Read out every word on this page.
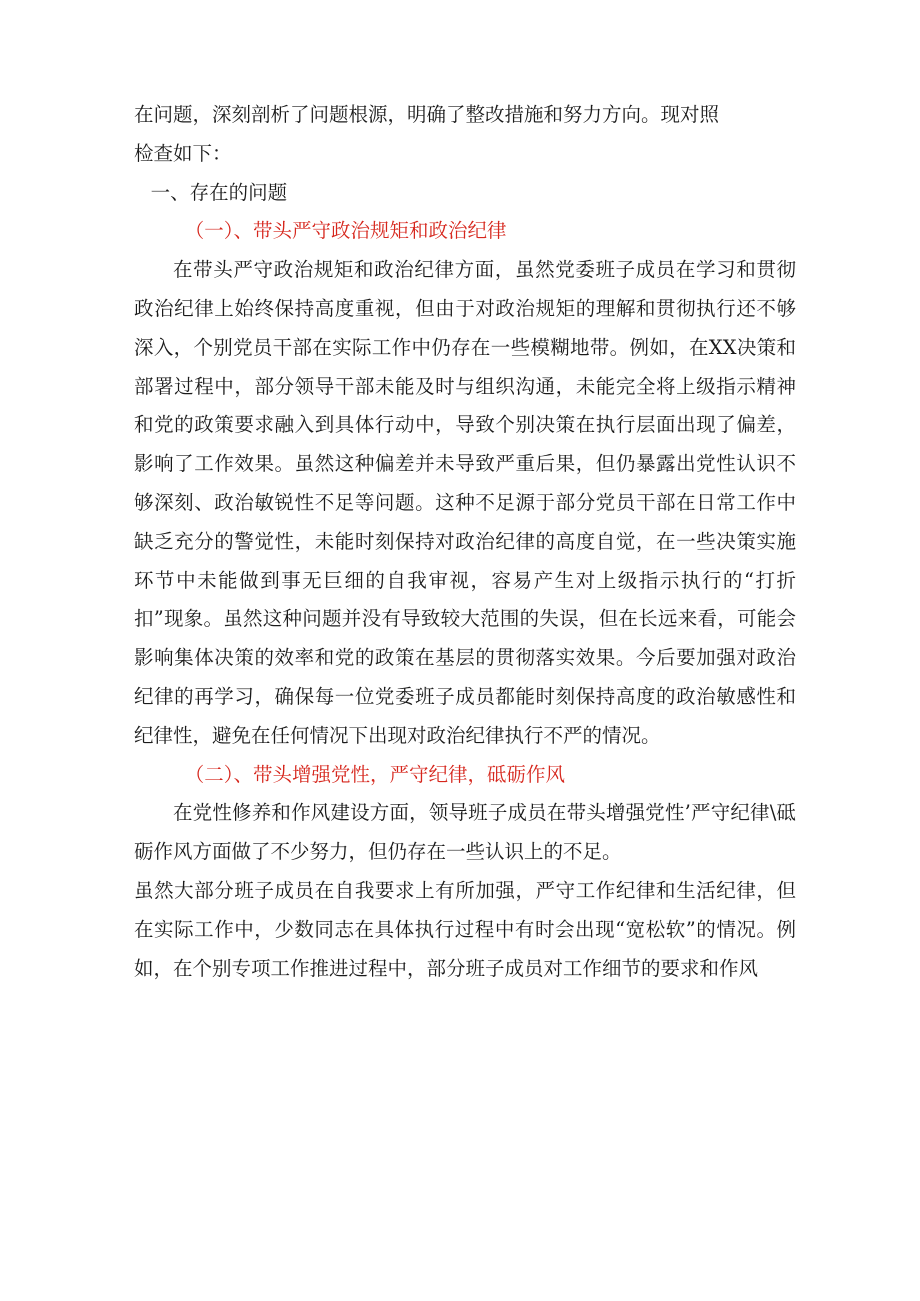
在问题，深刻剖析了问题根源，明确了整改措施和努力方向。现对照

检查如下：

一、存在的问题

（一）、带头严守政治规矩和政治纪律

在带头严守政治规矩和政治纪律方面，虽然党委班子成员在学习和贯彻政治纪律上始终保持高度重视，但由于对政治规矩的理解和贯彻执行还不够深入，个别党员干部在实际工作中仍存在一些模糊地带。例如，在XX决策和部署过程中，部分领导干部未能及时与组织沟通，未能完全将上级指示精神和党的政策要求融入到具体行动中，导致个别决策在执行层面出现了偏差，影响了工作效果。虽然这种偏差并未导致严重后果，但仍暴露出党性认识不够深刻、政治敏锐性不足等问题。这种不足源于部分党员干部在日常工作中缺乏充分的警觉性，未能时刻保持对政治纪律的高度自觉，在一些决策实施环节中未能做到事无巨细的自我审视，容易产生对上级指示执行的“打折扣”现象。虽然这种问题并没有导致较大范围的失误，但在长远来看，可能会影响集体决策的效率和党的政策在基层的贯彻落实效果。今后要加强对政治纪律的再学习，确保每一位党委班子成员都能时刻保持高度的政治敏感性和纪律性，避免在任何情况下出现对政治纪律执行不严的情况。

（二）、带头增强党性，严守纪律，砥砺作风

在党性修养和作风建设方面，领导班子成员在带头增强党性’严守纪律\砥砺作风方面做了不少努力，但仍存在一些认识上的不足。

虽然大部分班子成员在自我要求上有所加强，严守工作纪律和生活纪律，但在实际工作中，少数同志在具体执行过程中有时会出现“宽松软”的情况。例如，在个别专项工作推进过程中，部分班子成员对工作细节的要求和作风
